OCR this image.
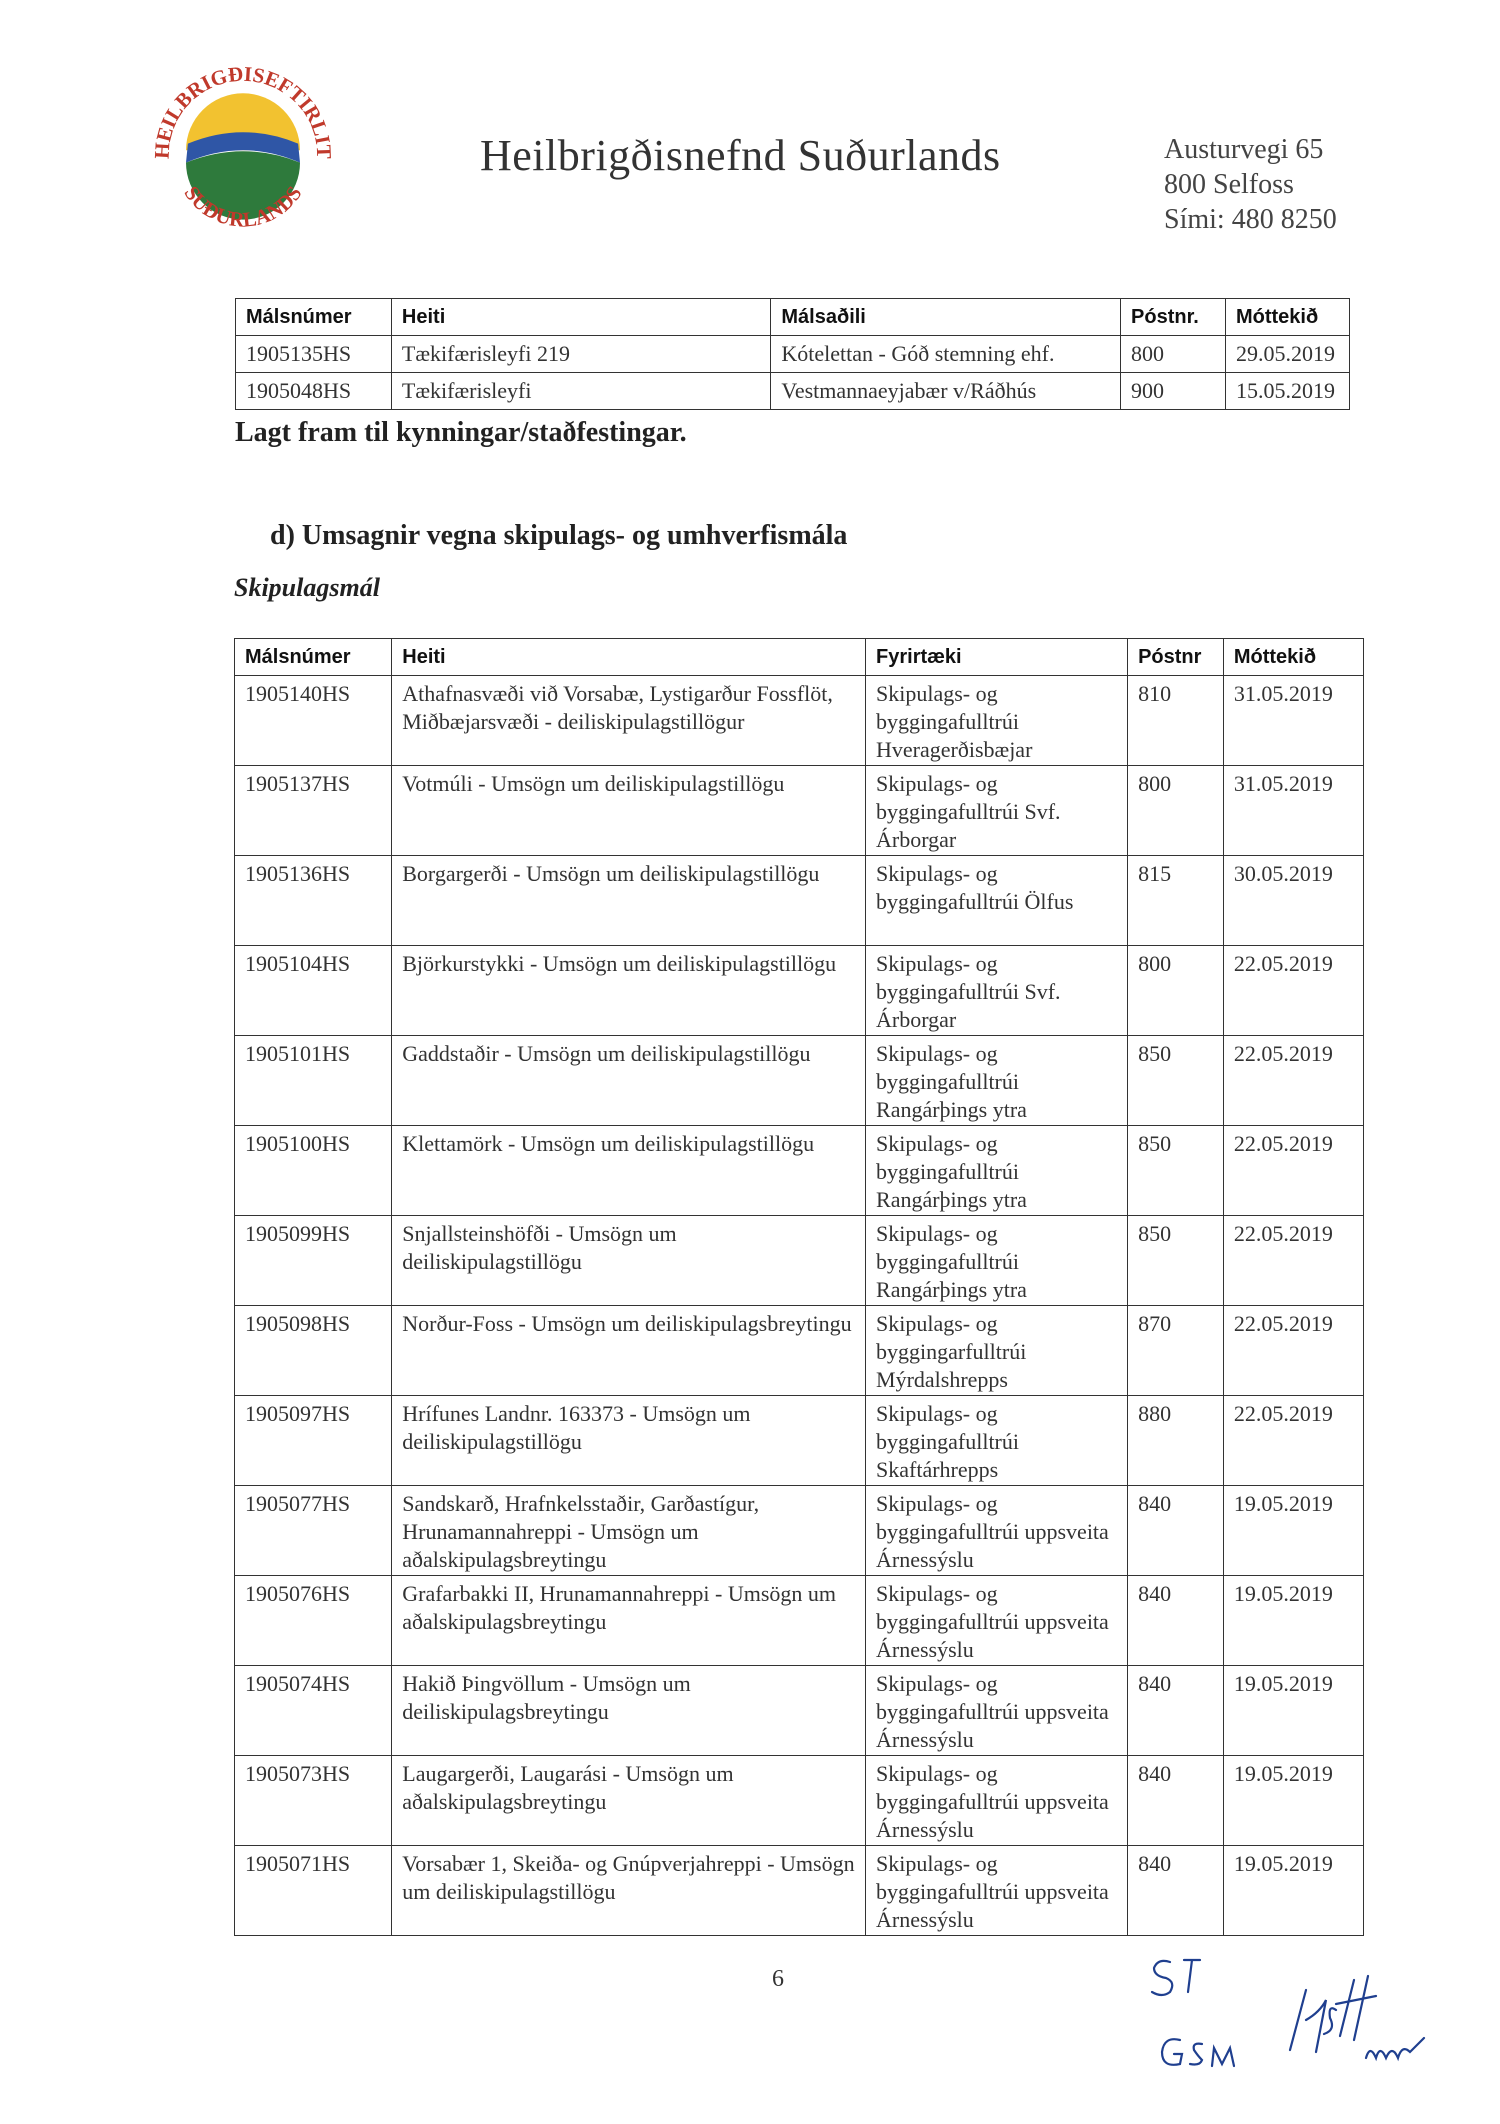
HEILBRIGÐISEFTIRLIT
SUÐURLANDS
Heilbrigðisnefnd Suðurlands	Austurvegi 65
800 Selfoss
Sími: 480 8250
Málsnúmer	Heiti	Málsaðili	Póstnr.	Móttekið
1905135HS	Tækifærisleyfi 219	Kótelettan - Góð stemning ehf.	800	29.05.2019
1905048HS	Tækifærisleyfi	Vestmannaeyjabær v/Ráðhús	900	15.05.2019
Lagt fram til kynningar/staðfestingar.
d) Umsagnir vegna skipulags- og umhverfismála
Skipulagsmál
Málsnúmer	Heiti	Fyrirtæki	Póstnr	Móttekið
1905140HS	Athafnasvæði við Vorsabæ, Lystigarður Fossflöt, Miðbæjarsvæði - deiliskipulagstillögur	Skipulags- og byggingafulltrúi Hveragerðisbæjar	810	31.05.2019
1905137HS	Votmúli - Umsögn um deiliskipulagstillögu	Skipulags- og byggingafulltrúi Svf. Árborgar	800	31.05.2019
1905136HS	Borgargerði - Umsögn um deiliskipulagstillögu	Skipulags- og byggingafulltrúi Ölfus	815	30.05.2019
1905104HS	Björkurstykki - Umsögn um deiliskipulagstillögu	Skipulags- og byggingafulltrúi Svf. Árborgar	800	22.05.2019
1905101HS	Gaddstaðir - Umsögn um deiliskipulagstillögu	Skipulags- og byggingafulltrúi Rangárþings ytra	850	22.05.2019
1905100HS	Klettamörk - Umsögn um deiliskipulagstillögu	Skipulags- og byggingafulltrúi Rangárþings ytra	850	22.05.2019
1905099HS	Snjallsteinshöfði - Umsögn um deiliskipulagstillögu	Skipulags- og byggingafulltrúi Rangárþings ytra	850	22.05.2019
1905098HS	Norður-Foss - Umsögn um deiliskipulagsbreytingu	Skipulags- og byggingarfulltrúi Mýrdalshrepps	870	22.05.2019
1905097HS	Hrífunes Landnr. 163373 - Umsögn um deiliskipulagstillögu	Skipulags- og byggingafulltrúi Skaftárhrepps	880	22.05.2019
1905077HS	Sandskarð, Hrafnkelsstaðir, Garðastígur, Hrunamannahreppi - Umsögn um aðalskipulagsbreytingu	Skipulags- og byggingafulltrúi uppsveita Árnessýslu	840	19.05.2019
1905076HS	Grafarbakki II, Hrunamannahreppi - Umsögn um aðalskipulagsbreytingu	Skipulags- og byggingafulltrúi uppsveita Árnessýslu	840	19.05.2019
1905074HS	Hakið Þingvöllum - Umsögn um deiliskipulagsbreytingu	Skipulags- og byggingafulltrúi uppsveita Árnessýslu	840	19.05.2019
1905073HS	Laugargerði, Laugarási - Umsögn um aðalskipulagsbreytingu	Skipulags- og byggingafulltrúi uppsveita Árnessýslu	840	19.05.2019
1905071HS	Vorsabær 1, Skeiða- og Gnúpverjahreppi - Umsögn um deiliskipulagstillögu	Skipulags- og byggingafulltrúi uppsveita Árnessýslu	840	19.05.2019
6
